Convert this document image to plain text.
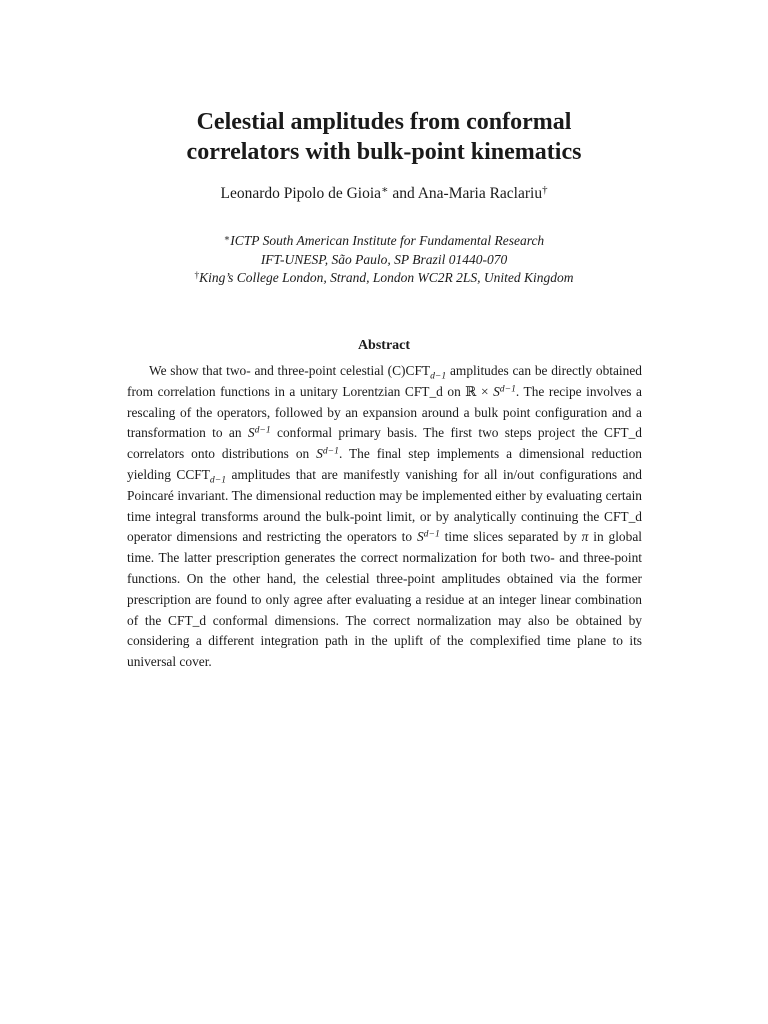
Celestial amplitudes from conformal
correlators with bulk-point kinematics

Leonardo Pipolo de Gioia∗ and Ana-Maria Raclariu†

∗ICTP South American Institute for Fundamental Research
IFT-UNESP, São Paulo, SP Brazil 01440-070
†King’s College London, Strand, London WC2R 2LS, United Kingdom
Abstract

We show that two- and three-point celestial $(C)CFT_{d-1}$ amplitudes can be directly obtained from correlation functions in a unitary Lorentzian CFT_d on ℝ × $S^{d-1}$. The recipe involves a rescaling of the operators, followed by an expansion around a bulk point configuration and a transformation to an $S^{d-1}$ conformal primary basis. The first two steps project the CFT_d correlators onto distributions on $S^{d-1}$. The final step implements a dimensional reduction yielding $CCFT_{d-1}$ amplitudes that are manifestly vanishing for all in/out configurations and Poincaré invariant. The dimensional reduction may be implemented either by evaluating certain time integral transforms around the bulk-point limit, or by analytically continuing the CFT_d operator dimensions and restricting the operators to $S^{d-1}$ time slices separated by π in global time. The latter prescription generates the correct normalization for both two- and three-point functions. On the other hand, the celestial three-point amplitudes obtained via the former prescription are found to only agree after evaluating a residue at an integer linear combination of the CFT_d conformal dimensions. The correct normalization may also be obtained by considering a different integration path in the uplift of the complexified time plane to its universal cover.
